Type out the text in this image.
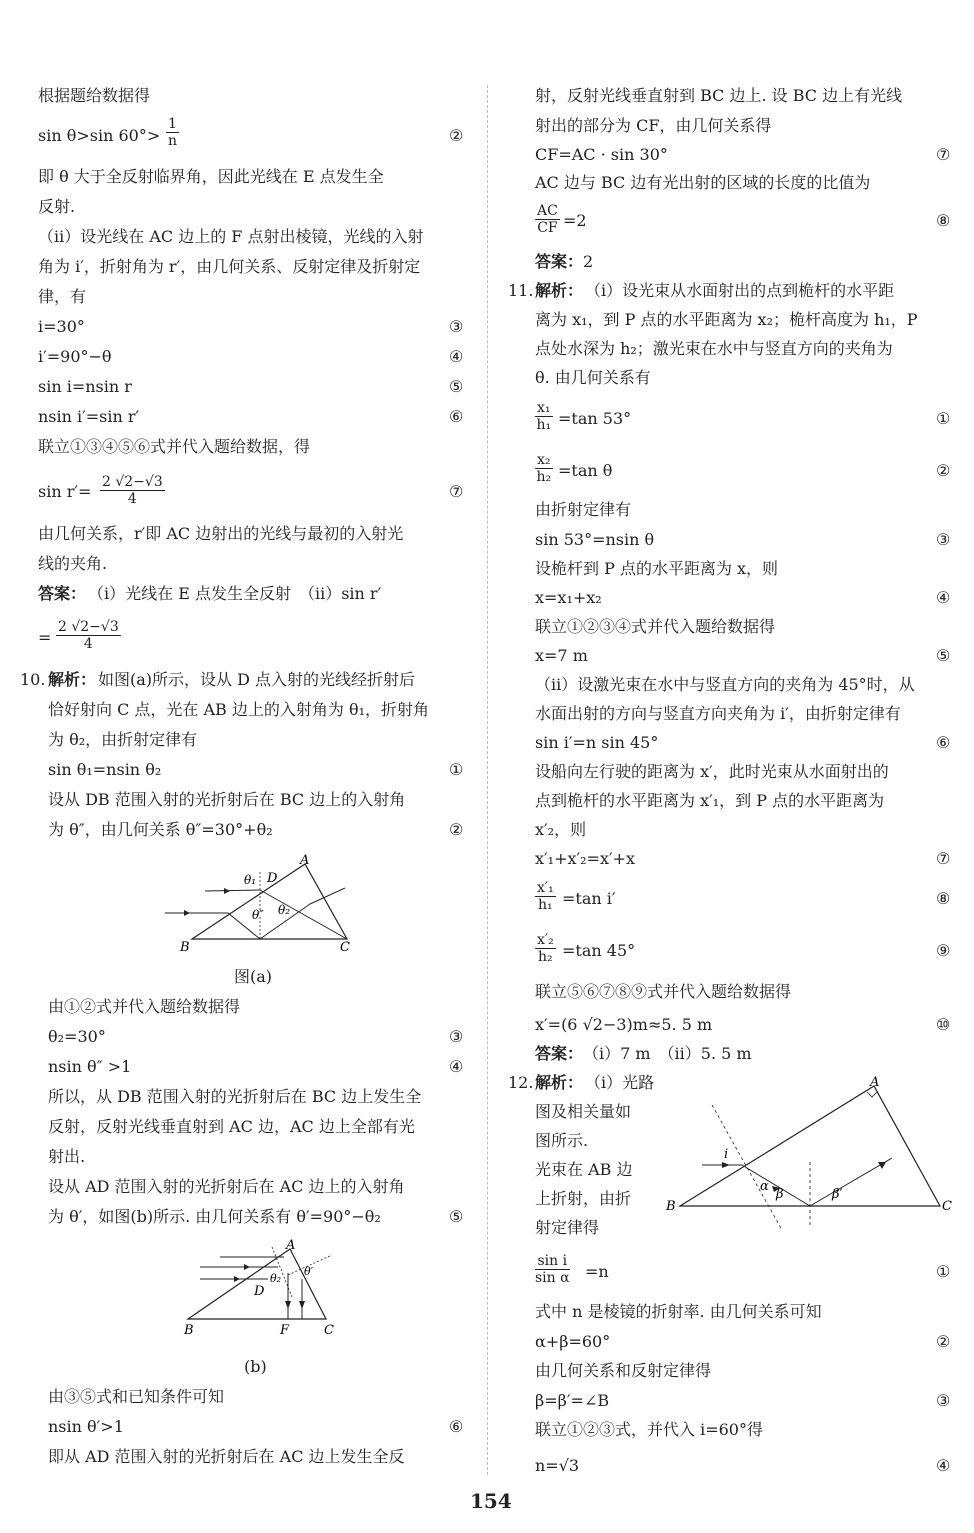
根据题给数据得
sin θ>sin $60^\circ> \frac{1}{n}$	②
即 θ 大于全反射临界角，因此光线在 E 点发生全
反射.
（ⅱ）设光线在 AC 边上的 F 点射出棱镜，光线的入射
角为 i′，折射角为 r′，由几何关系、反射定律及折射定
律，有
i=30°	③
i′=90°−θ	④
sin i=nsin r	⑤
nsin i′=sin r′	⑥
联立①③④⑤⑥式并代入题给数据，得
$\sin r'= \frac{2 √2-√3}{4}$	⑦
由几何关系，r′即 AC 边射出的光线与最初的入射光
线的夹角.
答案： （ⅰ）光线在 E 点发生全反射　（ⅱ）sin r′
= $\frac{2 √2-√3}{4}$
10. 解析： 如图(a)所示，设从 D 点入射的光线经折射后
恰好射向 C 点，光在 AB 边上的入射角为 θ₁，折射角
为 θ₂，由折射定律有
sin θ₁=nsin θ₂	①
设从 DB 范围入射的光折射后在 BC 边上的入射角
为 θ″，由几何关系 θ″=30°+θ₂	②
A
B	C
D
θ₁
θ₂
θ″
图(a)
由①②式并代入题给数据得
θ₂=30°	③
nsin θ″ >1	④
所以，从 DB 范围入射的光折射后在 BC 边上发生全
反射，反射光线垂直射到 AC 边，AC 边上全部有光
射出.
设从 AD 范围入射的光折射后在 AC 边上的入射角
为 θ′，如图(b)所示. 由几何关系有 θ′=90°−θ₂	⑤
A
B	C
D
F
θ₂
θ′
(b)
由③⑤式和已知条件可知
nsin θ′>1	⑥
即从 AD 范围入射的光折射后在 AC 边上发生全反
射，反射光线垂直射到 BC 边上. 设 BC 边上有光线
射出的部分为 CF，由几何关系得
CF=AC · sin 30°	⑦
AC 边与 BC 边有光出射的区域的长度的比值为
$\frac{AC}{CF} =2$	⑧
答案： 2
11. 解析： （ⅰ）设光束从水面射出的点到桅杆的水平距
离为 x₁，到 P 点的水平距离为 x₂；桅杆高度为 h₁，P
点处水深为 h₂；激光束在水中与竖直方向的夹角为
θ. 由几何关系有
$\frac{\text{x₁}}{\text{h₁}} =\tan$ 53°	①
$\frac{\text{x₂}}{\text{h₂}} =\tan$ θ	②
由折射定律有
sin 53°=nsin θ	③
设桅杆到 P 点的水平距离为 x，则
x=x₁+x₂	④
联立①②③④式并代入题给数据得
x=7 m	⑤
（ⅱ）设激光束在水中与竖直方向的夹角为 45°时，从
水面出射的方向与竖直方向夹角为 i′，由折射定律有
sin i′=n sin 45°	⑥
设船向左行驶的距离为 x′，此时光束从水面射出的
点到桅杆的水平距离为 x′₁，到 P 点的水平距离为
x′₂，则
x′₁+x′₂=x′+x	⑦
$\frac{\text{x′₁}}{\text{h₁}} =\tan$ i′	⑧
$\frac{\text{x′₂}}{\text{h₂}} =\tan$ 45°	⑨
联立⑤⑥⑦⑧⑨式并代入题给数据得
x′=(6 √2−3)m≈5. 5 m	⑩
答案： （ⅰ）7 m　（ⅱ）5. 5 m
12. 解析： （ⅰ）光路
图及相关量如
图所示.
光束在 AB 边
上折射，由折
射定律得
A
B	C
i
α
β	β′
$\frac{\text{sin i}}{\text{sin α}} =n$	①
式中 n 是棱镜的折射率. 由几何关系可知
α+β=60°	②
由几何关系和反射定律得
β=β′=∠B	③
联立①②③式，并代入 i=60°得
n=√3	④
154
